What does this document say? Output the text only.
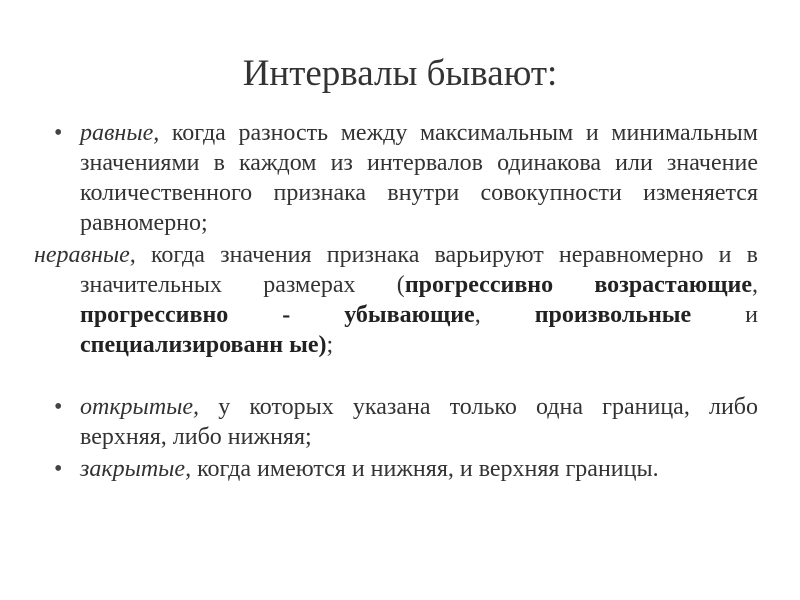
Интервалы бывают:
• равные, когда разность между максимальным и минимальным значениями в каждом из интервалов одинакова или значение количественного признака внутри совокупности изменяется равномерно;
неравные, когда значения признака варьируют неравномерно и в значительных размерах (прогрессивно возрастающие, прогрессивно - убывающие, произвольные и специализированн ые);
• открытые, у которых указана только одна граница, либо верхняя, либо нижняя;
• закрытые, когда имеются и нижняя, и верхняя границы.
